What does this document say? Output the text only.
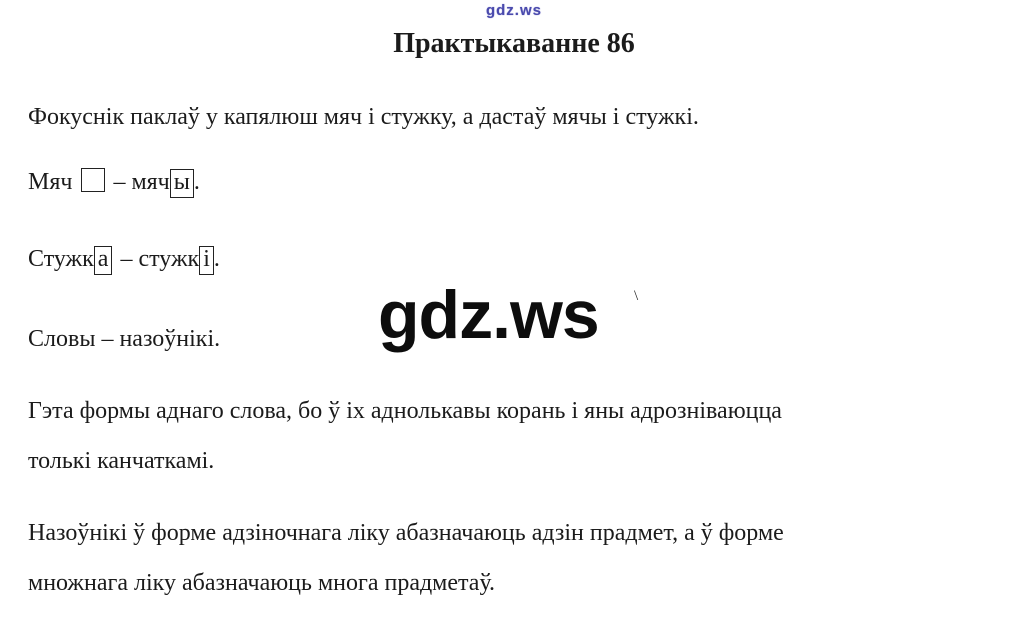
gdz.ws
Практыкаванне 86
Фокуснік паклаў у капялюш мяч і стужку, а дастаў мячы і стужкі.
Мяч – мяч ы .
Стужк а – стужк і .
Словы – назоўнікі. gdz.ws \
Гэта формы аднаго слова, бо ў іх аднолькавы корань і яны адрозніваюцца
толькі канчаткамі.
Назоўнікі ў форме адзіночнага ліку абазначаюць адзін прадмет, а ў форме
множнага ліку абазначаюць многа прадметаў.
